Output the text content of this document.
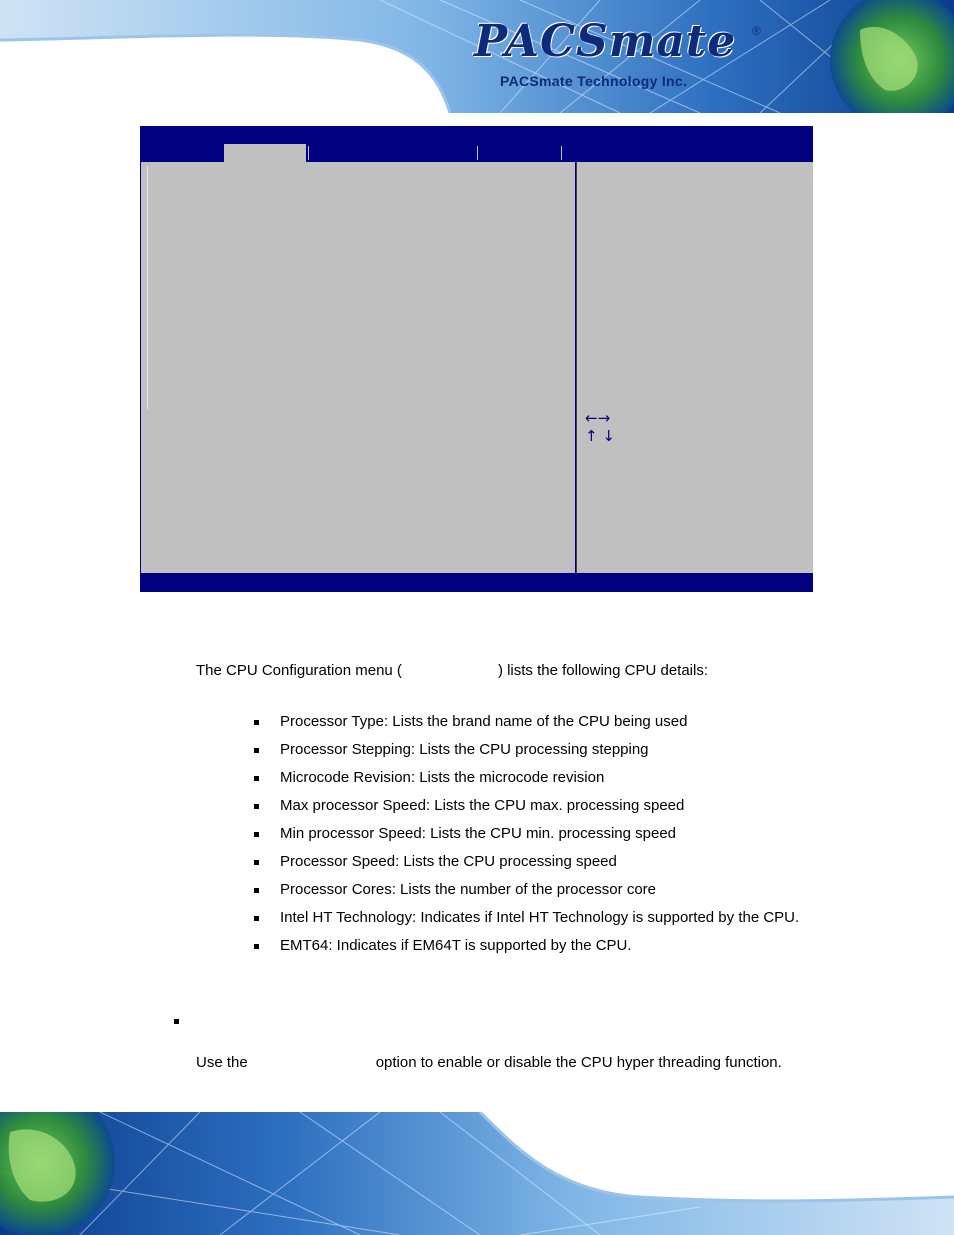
PACSmate ®
PACSmate Technology Inc.
←→
↑ ↓
The CPU Configuration menu (	) lists the following CPU details:
Processor Type: Lists the brand name of the CPU being used
Processor Stepping: Lists the CPU processing stepping
Microcode Revision: Lists the microcode revision
Max processor Speed: Lists the CPU max. processing speed
Min processor Speed: Lists the CPU min. processing speed
Processor Speed: Lists the CPU processing speed
Processor Cores: Lists the number of the processor core
Intel HT Technology: Indicates if Intel HT Technology is supported by the CPU.
EMT64: Indicates if EM64T is supported by the CPU.
Use the	option to enable or disable the CPU hyper threading function.
